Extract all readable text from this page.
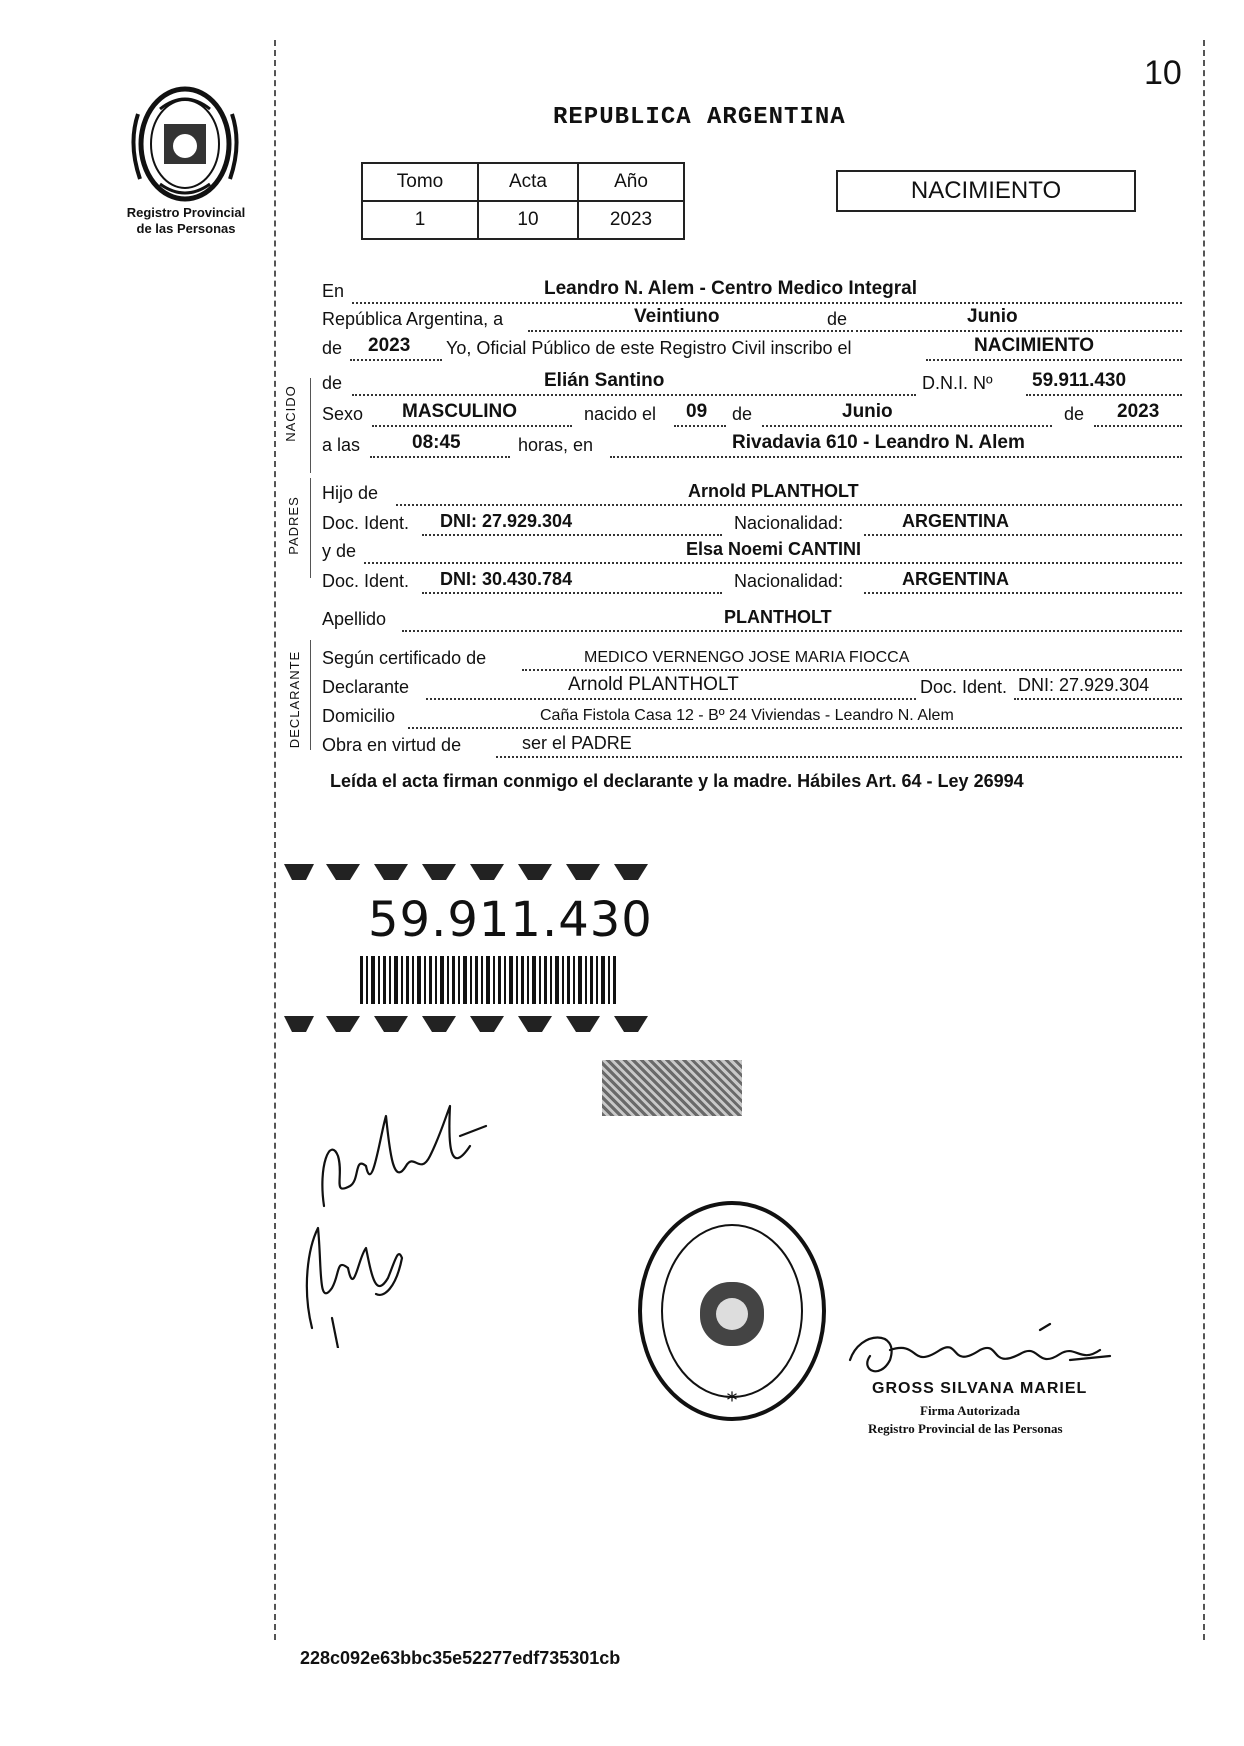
10
Registro Provincial
de las Personas
REPUBLICA ARGENTINA
Tomo	Acta	Año
1	10	2023
NACIMIENTO
NACIDO
PADRES
DECLARANTE
En	Leandro N. Alem - Centro Medico Integral
República Argentina, a	Veintiuno	de	Junio
de 2023 Yo, Oficial Público de este Registro Civil inscribo el	NACIMIENTO
de	Elián Santino	D.N.I. Nº 59.911.430
Sexo MASCULINO	nacido el 09 de	Junio	de 2023
a las	08:45	horas, en	Rivadavia 610 - Leandro N. Alem
Hijo de	Arnold PLANTHOLT
Doc. Ident. DNI: 27.929.304	Nacionalidad:	ARGENTINA
y de	Elsa Noemi CANTINI
Doc. Ident. DNI: 30.430.784	Nacionalidad:	ARGENTINA
Apellido	PLANTHOLT
Según certificado de	MEDICO VERNENGO JOSE MARIA FIOCCA
Declarante	Arnold PLANTHOLT	Doc. Ident. DNI: 27.929.304
Domicilio	Caña Fistola Casa 12 - Bº 24 Viviendas - Leandro N. Alem
Obra en virtud de	ser el PADRE
Leída el acta firman conmigo el declarante y la madre. Hábiles Art. 64 - Ley 26994
59.911.430
*
GROSS SILVANA MARIEL
Firma Autorizada
Registro Provincial de las Personas
228c092e63bbc35e52277edf735301cb
